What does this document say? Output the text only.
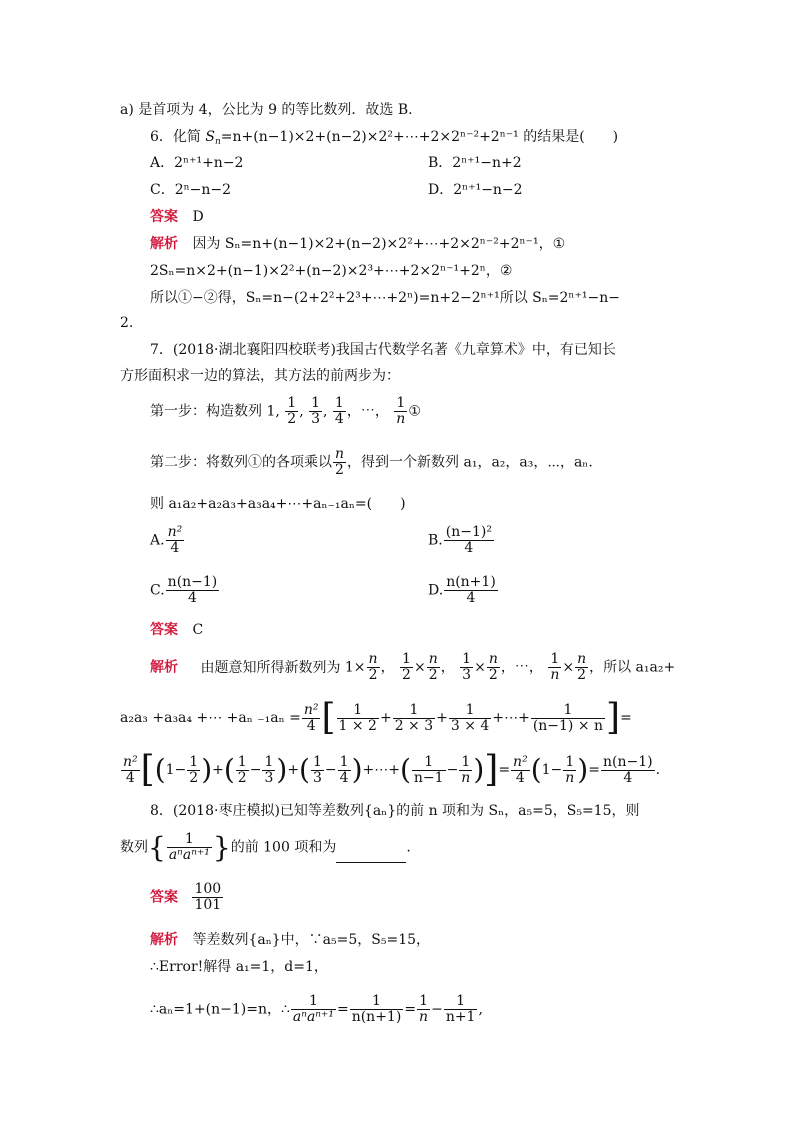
a) 是首项为 4，公比为 9 的等比数列．故选 B.
6．化简 $S_n=n+(n-1)\times 2+(n-2)\times 2^2+\cdots+2\times 2^{n-2}+2^{n-1}$ 的结果是(　　)
A．2ⁿ⁺¹+n−2	B．2ⁿ⁺¹−n+2
C．2ⁿ−n−2	D．2ⁿ⁺¹−n−2
答案 D
解析 因为 Sₙ=n+(n−1)×2+(n−2)×2²+⋯+2×2ⁿ⁻²+2ⁿ⁻¹，①
2Sₙ=n×2+(n−1)×2²+(n−2)×2³+⋯+2×2ⁿ⁻¹+2ⁿ，②
所以①−②得，Sₙ=n−(2+2²+2³+⋯+2ⁿ)=n+2−2ⁿ⁺¹所以 Sₙ=2ⁿ⁺¹−n−
2.
7．(2018·湖北襄阳四校联考)我国古代数学名著《九章算术》中，有已知长
方形面积求一边的算法，其方法的前两步为：
第一步：构造数列 1, $\frac{1}{2}$ , $\frac{1}{3}$ , $\frac{1}{4}$ ，⋯， $\frac{1}{n}$ ①
第二步：将数列①的各项乘以 $\frac{n}{2}$ ，得到一个新数列 a₁，a₂，a₃，⋯，aₙ.
则 a₁a₂+a₂a₃+a₃a₄+⋯+aₙ₋₁aₙ=(　　)
A. $\frac{\text{n²}}{4}$	B. $\frac{\text{(n−1)²}}{4}$
C. $\frac{n(n-1)}{4}$	D. $\frac{n(n+1)}{4}$
答案 C
解析 由题意知所得新数列为 $1\times \frac{n}{2}$ ， $\frac{1}{2} \times \frac{n}{2}$ ， $\frac{1}{3} \times \frac{n}{2}$ ，⋯， $\frac{1}{n} \times \frac{n}{2}$ ，所以 a₁a₂+
a₂a₃ +a₃a₄ +⋯ +aₙ $_{-1}a_n = \frac{\text{n²}}{4}$ [ $\frac{1}{1 \times 2} + \frac{1}{2 \times 3} + \frac{1}{3 \times 4}$ +⋯+ $\frac{1}{(n-1) \times n}$ ]=
$\frac{\text{n²}}{4} [(1- \frac{1}{2}$ )+( $\frac{1}{2} - \frac{1}{3}$ )+( $\frac{1}{3} - \frac{1}{4}$ )+⋯+( $\frac{1}{n-1} - \frac{1}{n}$ )]= $\frac{\text{n²}}{4} (1- \frac{1}{n}$ )= $\frac{n(n-1)}{4}$ .
8．(2018·枣庄模拟)已知等差数列{aₙ}的前 n 项和为 Sₙ，a₅=5，S₅=15，则
数列{ $\frac{1}{\text{aⁿaⁿ⁺¹}}$ }的前 100 项和为	.
答案 $\frac{100}{101}$
解析 等差数列{aₙ}中，∵a₅=5，S₅=15，
∴Error!解得 a₁=1，d=1，
∴aₙ=1+(n−1)=n，∴ $\frac{1}{\text{aⁿaⁿ⁺¹}} = \frac{1}{n(n+1)} = \frac{1}{n} - \frac{1}{n+1}$ ,
